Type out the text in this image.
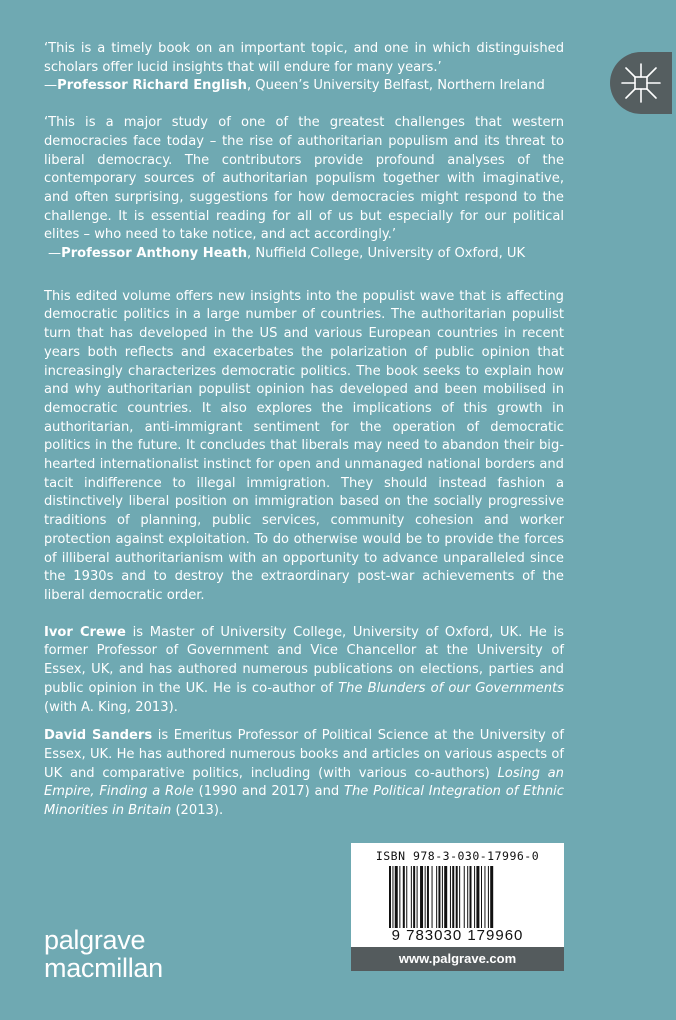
‘This is a timely book on an important topic, and one in which distinguished scholars offer lucid insights that will endure for many years.’

—Professor Richard English, Queen’s University Belfast, Northern Ireland

‘This is a major study of one of the greatest challenges that western democracies face today – the rise of authoritarian populism and its threat to liberal democracy. The contributors provide profound analyses of the contemporary sources of authoritarian populism together with imaginative, and often surprising, suggestions for how democracies might respond to the challenge. It is essential reading for all of us but especially for our political elites – who need to take notice, and act accordingly.’

—Professor Anthony Heath, Nuffield College, University of Oxford, UK

This edited volume offers new insights into the populist wave that is affecting democratic politics in a large number of countries. The authoritarian populist turn that has developed in the US and various European countries in recent years both reflects and exacerbates the polarization of public opinion that increasingly characterizes democratic politics. The book seeks to explain how and why authoritarian populist opinion has developed and been mobilised in democratic countries. It also explores the implications of this growth in authoritarian, anti-immigrant sentiment for the operation of democratic politics in the future. It concludes that liberals may need to abandon their big-hearted internationalist instinct for open and unmanaged national borders and tacit indifference to illegal immigration. They should instead fashion a distinctively liberal position on immigration based on the socially progressive traditions of planning, public services, community cohesion and worker protection against exploitation. To do otherwise would be to provide the forces of illiberal authoritarianism with an opportunity to advance unparalleled since the 1930s and to destroy the extraordinary post-war achievements of the liberal democratic order.

Ivor Crewe is Master of University College, University of Oxford, UK. He is former Professor of Government and Vice Chancellor at the University of Essex, UK, and has authored numerous publications on elections, parties and public opinion in the UK. He is co-author of The Blunders of our Governments (with A. King, 2013).

David Sanders is Emeritus Professor of Political Science at the University of Essex, UK. He has authored numerous books and articles on various aspects of UK and comparative politics, including (with various co-authors) Losing an Empire, Finding a Role (1990 and 2017) and The Political Integration of Ethnic Minorities in Britain (2013).

ISBN 978-3-030-17996-0
9 783030 179960
www.palgrave.com
palgrave
macmillan
